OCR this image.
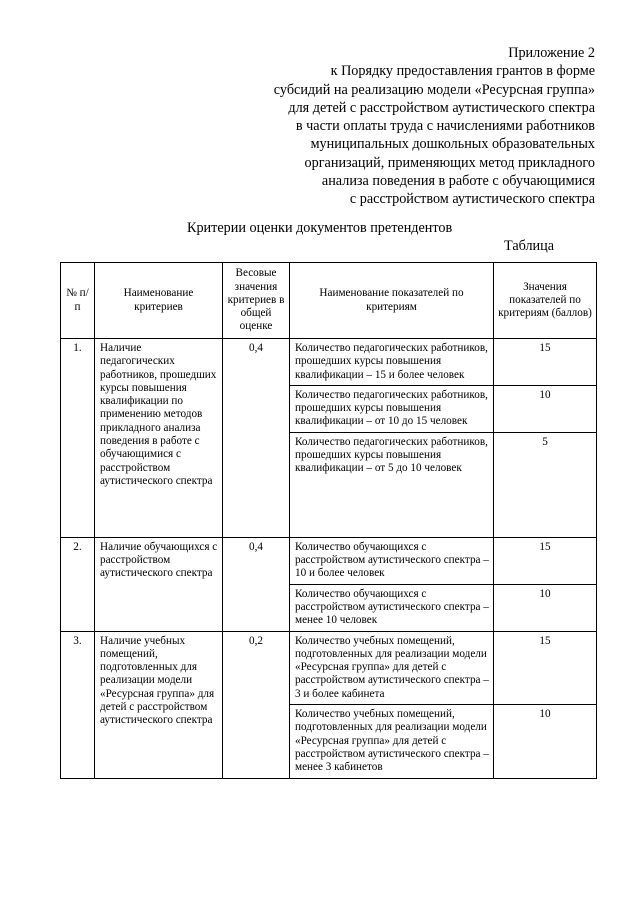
Приложение 2
к Порядку предоставления грантов в форме
субсидий на реализацию модели «Ресурсная группа»
для детей с расстройством аутистического спектра
в части оплаты труда с начислениями работников
муниципальных дошкольных образовательных
организаций, применяющих метод прикладного
анализа поведения в работе с обучающимися
с расстройством аутистического спектра
Критерии оценки документов претендентов
Таблица
№ п/п	Наименование критериев	Весовые значения критериев в общей оценке	Наименование показателей по критериям	Значения показателей по критериям (баллов)
1.	Наличие педагогических работников, прошедших курсы повышения квалификации по применению методов прикладного анализа поведения в работе с обучающимися с расстройством аутистического спектра	0,4	Количество педагогических работников, прошедших курсы повышения квалификации – 15 и более человек	15
			Количество педагогических работников, прошедших курсы повышения квалификации – от 10 до 15 человек	10
			Количество педагогических работников, прошедших курсы повышения квалификации – от 5 до 10 человек	5
2.	Наличие обучающихся с расстройством аутистического спектра	0,4	Количество обучающихся с расстройством аутистического спектра – 10 и более человек	15
			Количество обучающихся с расстройством аутистического спектра – менее 10 человек	10
3.	Наличие учебных помещений, подготовленных для реализации модели «Ресурсная группа» для детей с расстройством аутистического спектра	0,2	Количество учебных помещений, подготовленных для реализации модели «Ресурсная группа» для детей с расстройством аутистического спектра – 3 и более кабинета	15
			Количество учебных помещений, подготовленных для реализации модели «Ресурсная группа» для детей с расстройством аутистического спектра – менее 3 кабинетов	10
